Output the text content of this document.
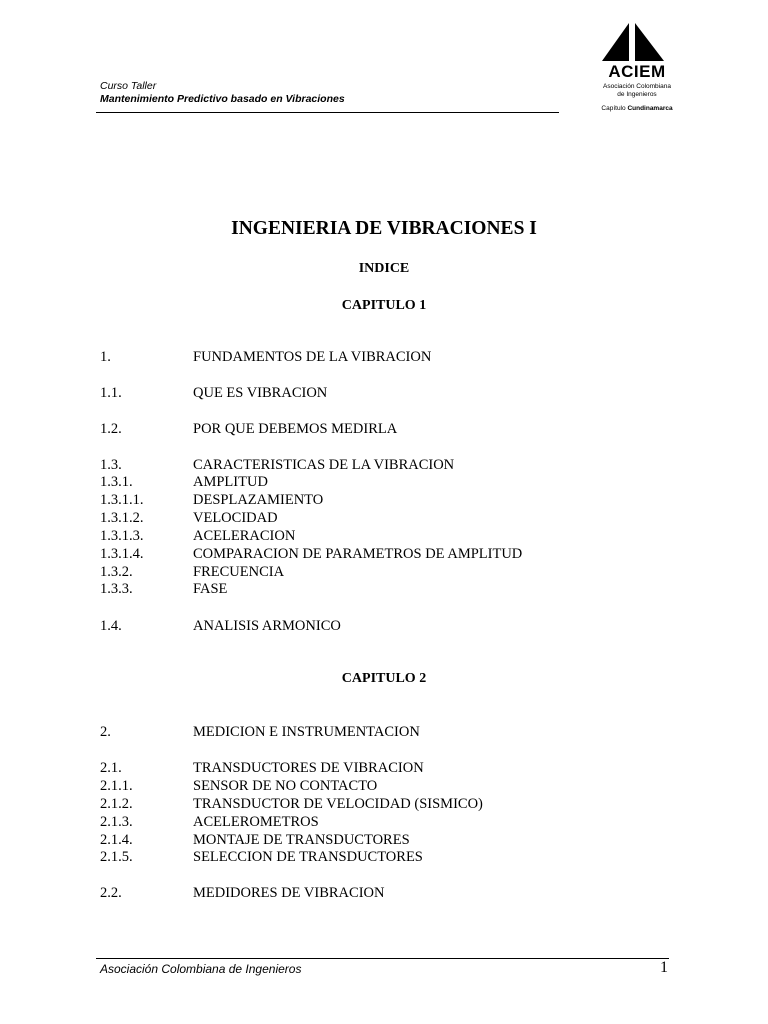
Curso Taller
Mantenimiento Predictivo basado en Vibraciones
ACIEM
Asociación Colombiana
de Ingenieros
Capítulo Cundinamarca
INGENIERIA DE VIBRACIONES I
INDICE
CAPITULO 1
1.	FUNDAMENTOS DE LA VIBRACION
1.1.	QUE ES VIBRACION
1.2.	POR QUE DEBEMOS MEDIRLA
1.3.	CARACTERISTICAS DE LA VIBRACION
1.3.1.	AMPLITUD
1.3.1.1.	DESPLAZAMIENTO
1.3.1.2.	VELOCIDAD
1.3.1.3.	ACELERACION
1.3.1.4.	COMPARACION DE PARAMETROS DE AMPLITUD
1.3.2.	FRECUENCIA
1.3.3.	FASE
1.4.	ANALISIS ARMONICO
CAPITULO 2
2.	MEDICION E INSTRUMENTACION
2.1.	TRANSDUCTORES DE VIBRACION
2.1.1.	SENSOR DE NO CONTACTO
2.1.2.	TRANSDUCTOR DE VELOCIDAD (SISMICO)
2.1.3.	ACELEROMETROS
2.1.4.	MONTAJE DE TRANSDUCTORES
2.1.5.	SELECCION DE TRANSDUCTORES
2.2.	MEDIDORES DE VIBRACION
Asociación Colombiana de Ingenieros	1
